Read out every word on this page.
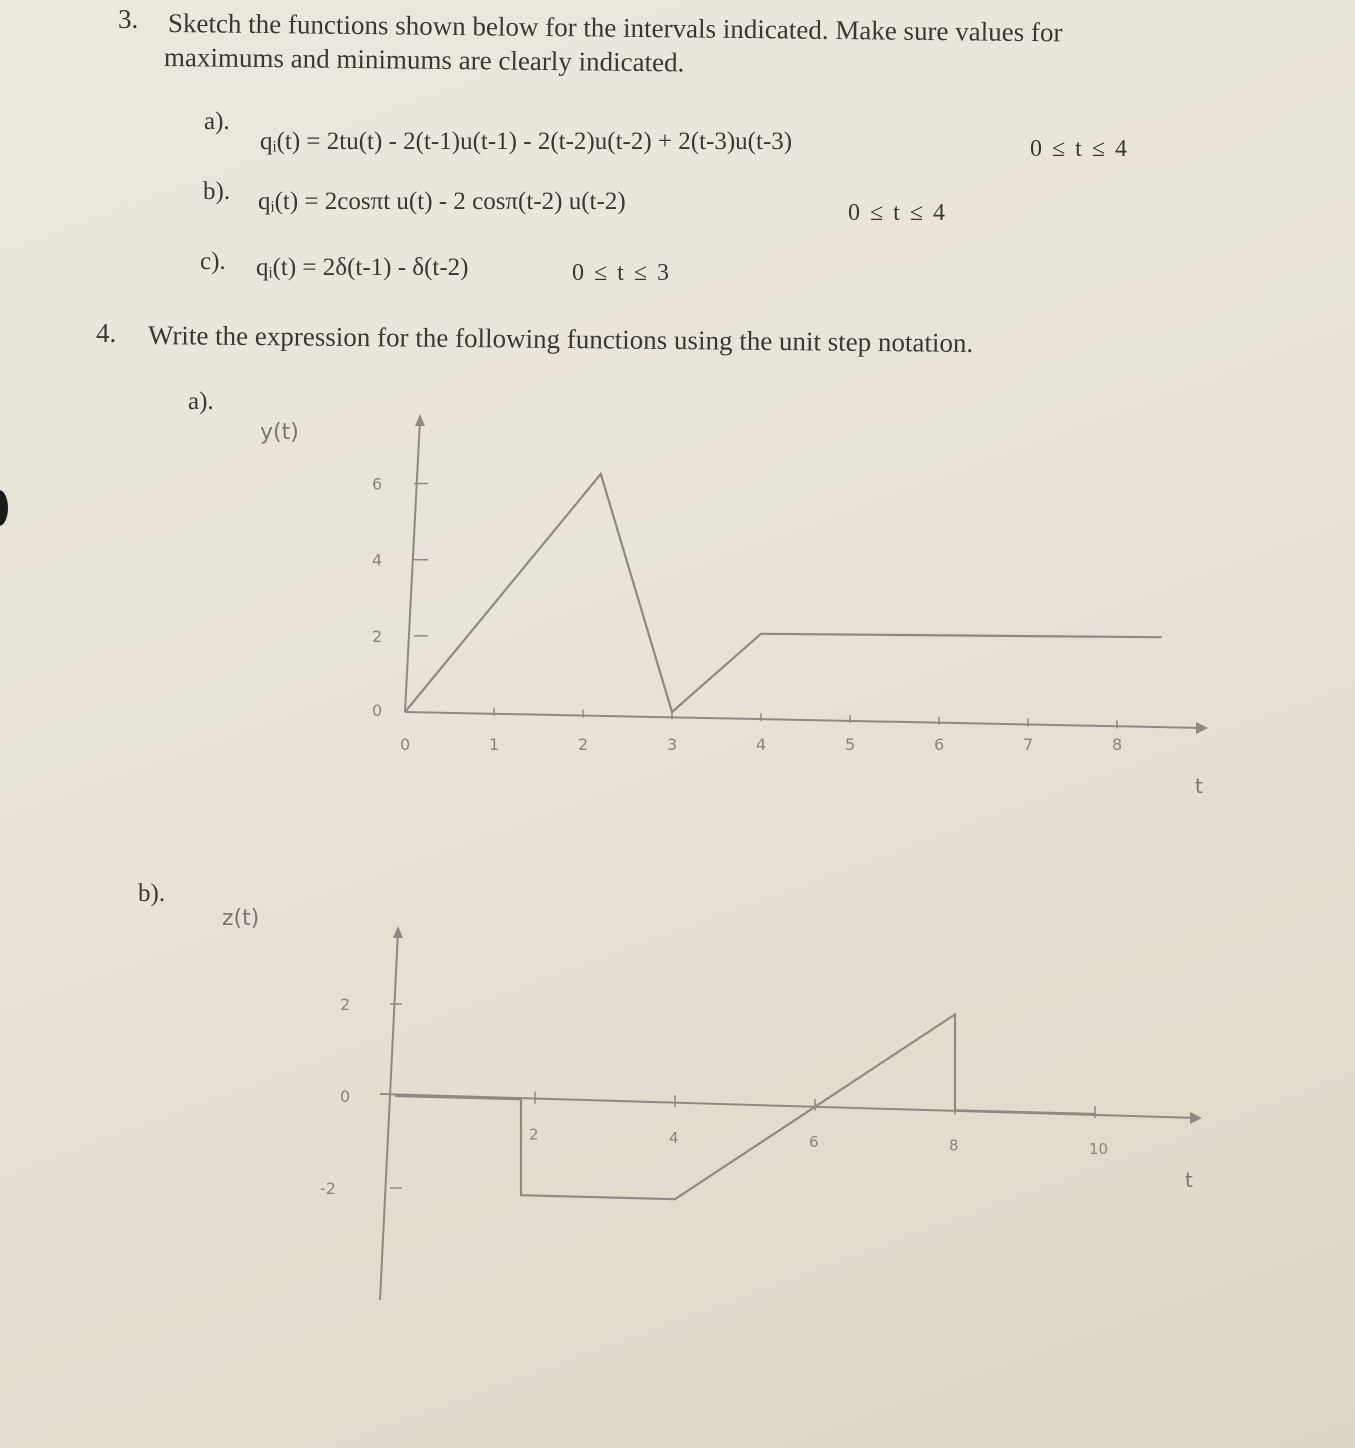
3. Sketch the functions shown below for the intervals indicated. Make sure values for
maximums and minimums are clearly indicated.
a).
qᵢ(t) = 2tu(t) - 2(t-1)u(t-1) - 2(t-2)u(t-2) + 2(t-3)u(t-3)	0 ≤ t ≤ 4
b). qᵢ(t) = 2cosπt u(t) - 2 cosπ(t-2) u(t-2)	0 ≤ t ≤ 4
c). qᵢ(t) = 2δ(t-1) - δ(t-2)	0 ≤ t ≤ 3
4. Write the expression for the following functions using the unit step notation.
a).
y(t)
t
b).
z(t)
t
6
4
2
0
0	1	2	3	4	5	6	7	8
2
0
-2
2	4	6	8	10
